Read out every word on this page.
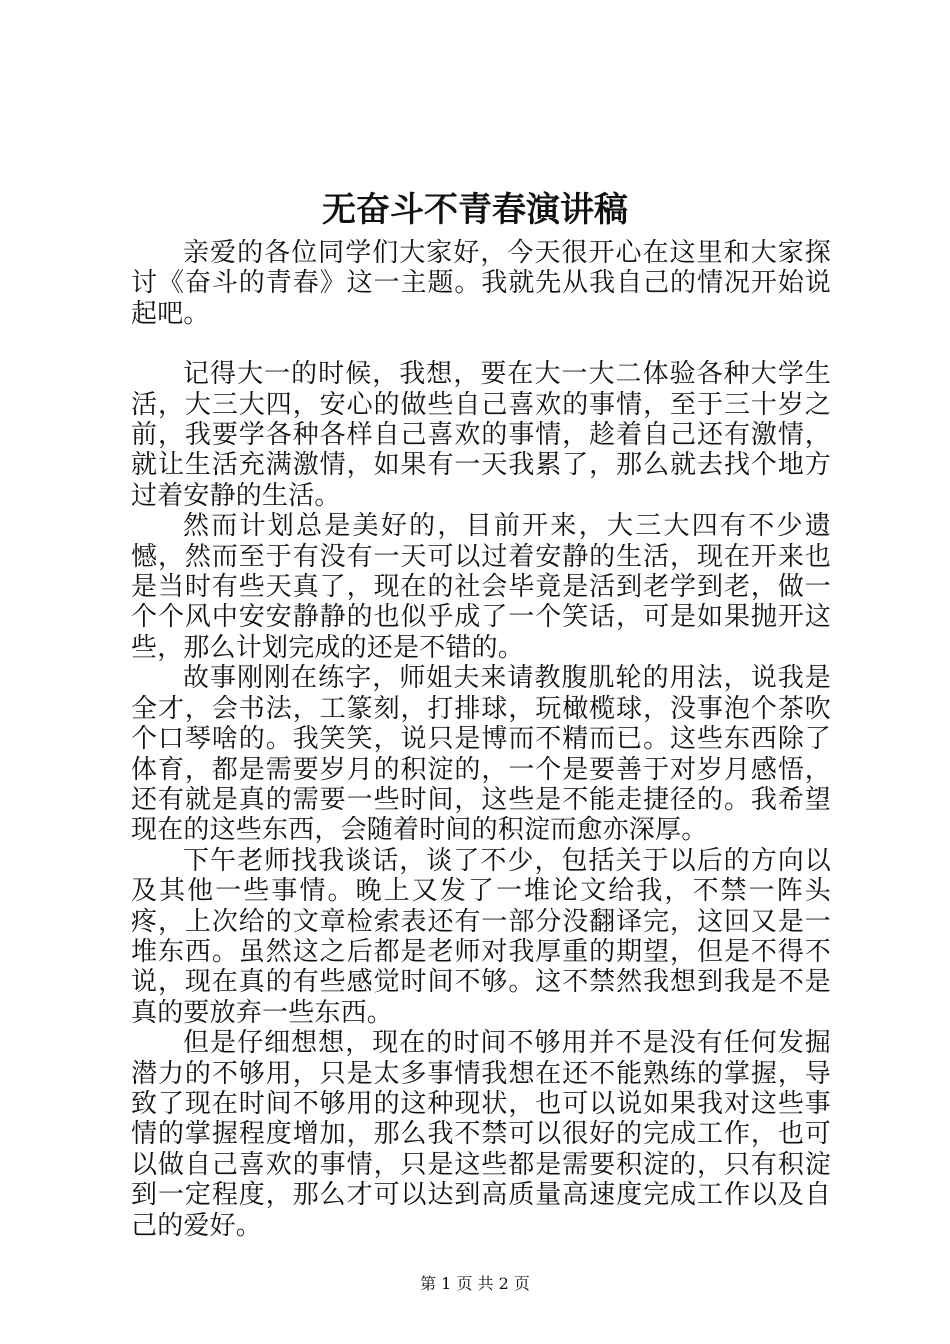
无奋斗不青春演讲稿

亲爱的各位同学们大家好，今天很开心在这里和大家探讨《奋斗的青春》这一主题。我就先从我自己的情况开始说起吧。

记得大一的时候，我想，要在大一大二体验各种大学生活，大三大四，安心的做些自己喜欢的事情，至于三十岁之前，我要学各种各样自己喜欢的事情，趁着自己还有激情，就让生活充满激情，如果有一天我累了，那么就去找个地方过着安静的生活。

然而计划总是美好的，目前开来，大三大四有不少遗憾，然而至于有没有一天可以过着安静的生活，现在开来也是当时有些天真了，现在的社会毕竟是活到老学到老，做一个个风中安安静静的也似乎成了一个笑话，可是如果抛开这些，那么计划完成的还是不错的。

故事刚刚在练字，师姐夫来请教腹肌轮的用法，说我是全才，会书法，工篆刻，打排球，玩橄榄球，没事泡个茶吹个口琴啥的。我笑笑，说只是博而不精而已。这些东西除了体育，都是需要岁月的积淀的，一个是要善于对岁月感悟，还有就是真的需要一些时间，这些是不能走捷径的。我希望现在的这些东西，会随着时间的积淀而愈亦深厚。

下午老师找我谈话，谈了不少，包括关于以后的方向以及其他一些事情。晚上又发了一堆论文给我，不禁一阵头疼，上次给的文章检索表还有一部分没翻译完，这回又是一堆东西。虽然这之后都是老师对我厚重的期望，但是不得不说，现在真的有些感觉时间不够。这不禁然我想到我是不是真的要放弃一些东西。

但是仔细想想，现在的时间不够用并不是没有任何发掘潜力的不够用，只是太多事情我想在还不能熟练的掌握，导致了现在时间不够用的这种现状，也可以说如果我对这些事情的掌握程度增加，那么我不禁可以很好的完成工作，也可以做自己喜欢的事情，只是这些都是需要积淀的，只有积淀到一定程度，那么才可以达到高质量高速度完成工作以及自己的爱好。

第 1 页 共 2 页
